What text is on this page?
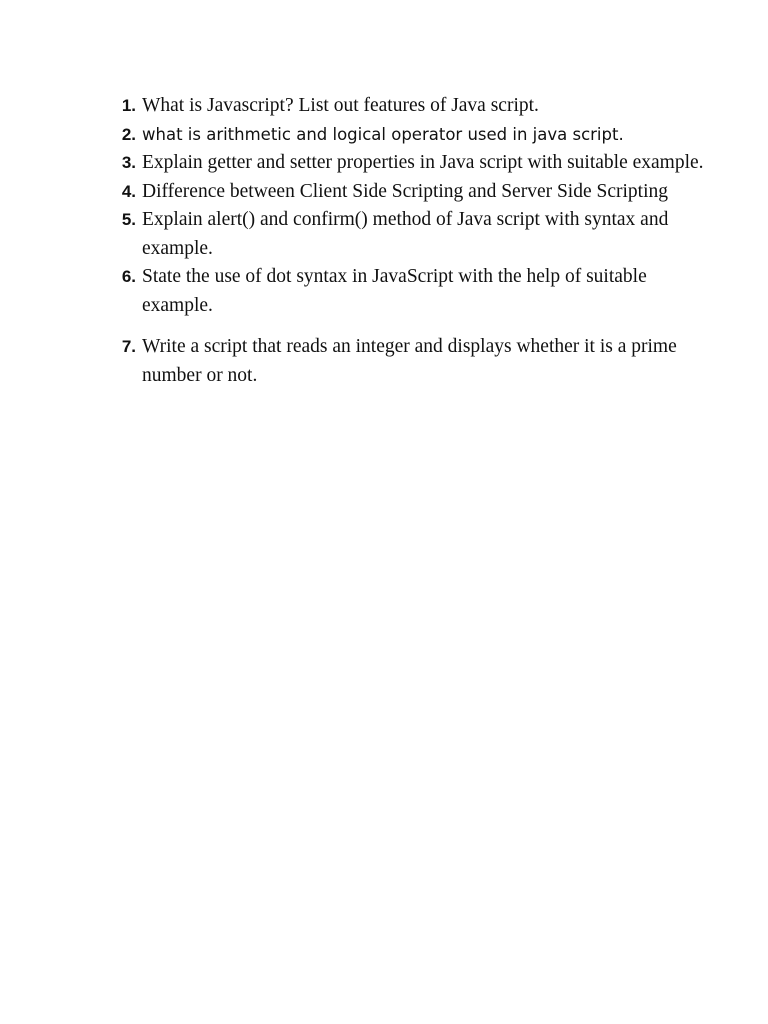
1. What is Javascript? List out features of Java script.
2. what is arithmetic and logical operator used in java script.
3. Explain getter and setter properties in Java script with suitable example.
4. Difference between Client Side Scripting and Server Side Scripting
5. Explain alert() and confirm() method of Java script with syntax and example.
6. State the use of dot syntax in JavaScript with the help of suitable example.
7. Write a script that reads an integer and displays whether it is a prime number or not.
